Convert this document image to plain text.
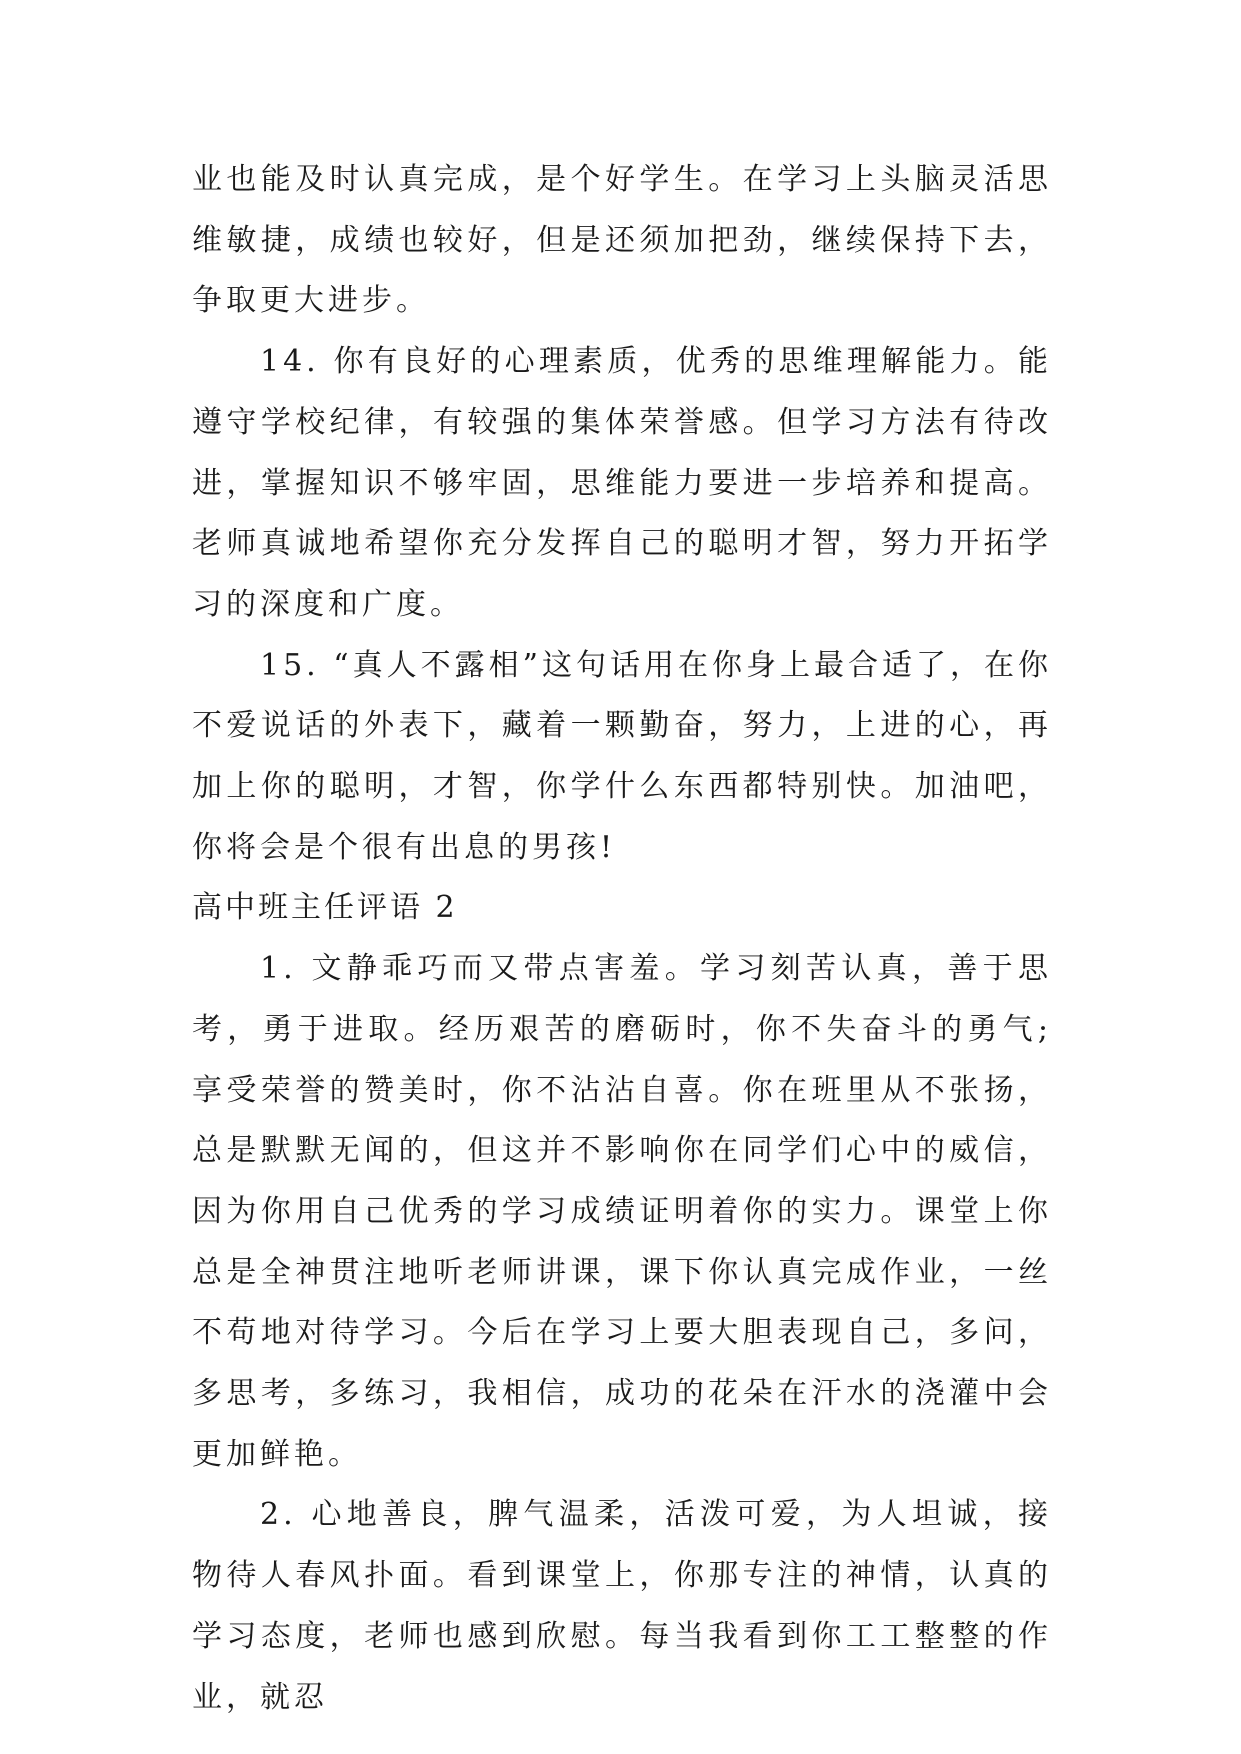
业也能及时认真完成，是个好学生。在学习上头脑灵活思维敏捷，成绩也较好，但是还须加把劲，继续保持下去，争取更大进步。

14. 你有良好的心理素质，优秀的思维理解能力。能遵守学校纪律，有较强的集体荣誉感。但学习方法有待改进，掌握知识不够牢固，思维能力要进一步培养和提高。老师真诚地希望你充分发挥自己的聪明才智，努力开拓学习的深度和广度。

15. “真人不露相”这句话用在你身上最合适了，在你不爱说话的外表下，藏着一颗勤奋，努力，上进的心，再加上你的聪明，才智，你学什么东西都特别快。加油吧，你将会是个很有出息的男孩!

高中班主任评语 2

1. 文静乖巧而又带点害羞。学习刻苦认真，善于思考，勇于进取。经历艰苦的磨砺时，你不失奋斗的勇气;享受荣誉的赞美时，你不沾沾自喜。你在班里从不张扬，总是默默无闻的，但这并不影响你在同学们心中的威信，因为你用自己优秀的学习成绩证明着你的实力。课堂上你总是全神贯注地听老师讲课，课下你认真完成作业，一丝不苟地对待学习。今后在学习上要大胆表现自己，多问，多思考，多练习，我相信，成功的花朵在汗水的浇灌中会更加鲜艳。

2. 心地善良，脾气温柔，活泼可爱，为人坦诚，接物待人春风扑面。看到课堂上，你那专注的神情，认真的学习态度，老师也感到欣慰。每当我看到你工工整整的作业，就忍
